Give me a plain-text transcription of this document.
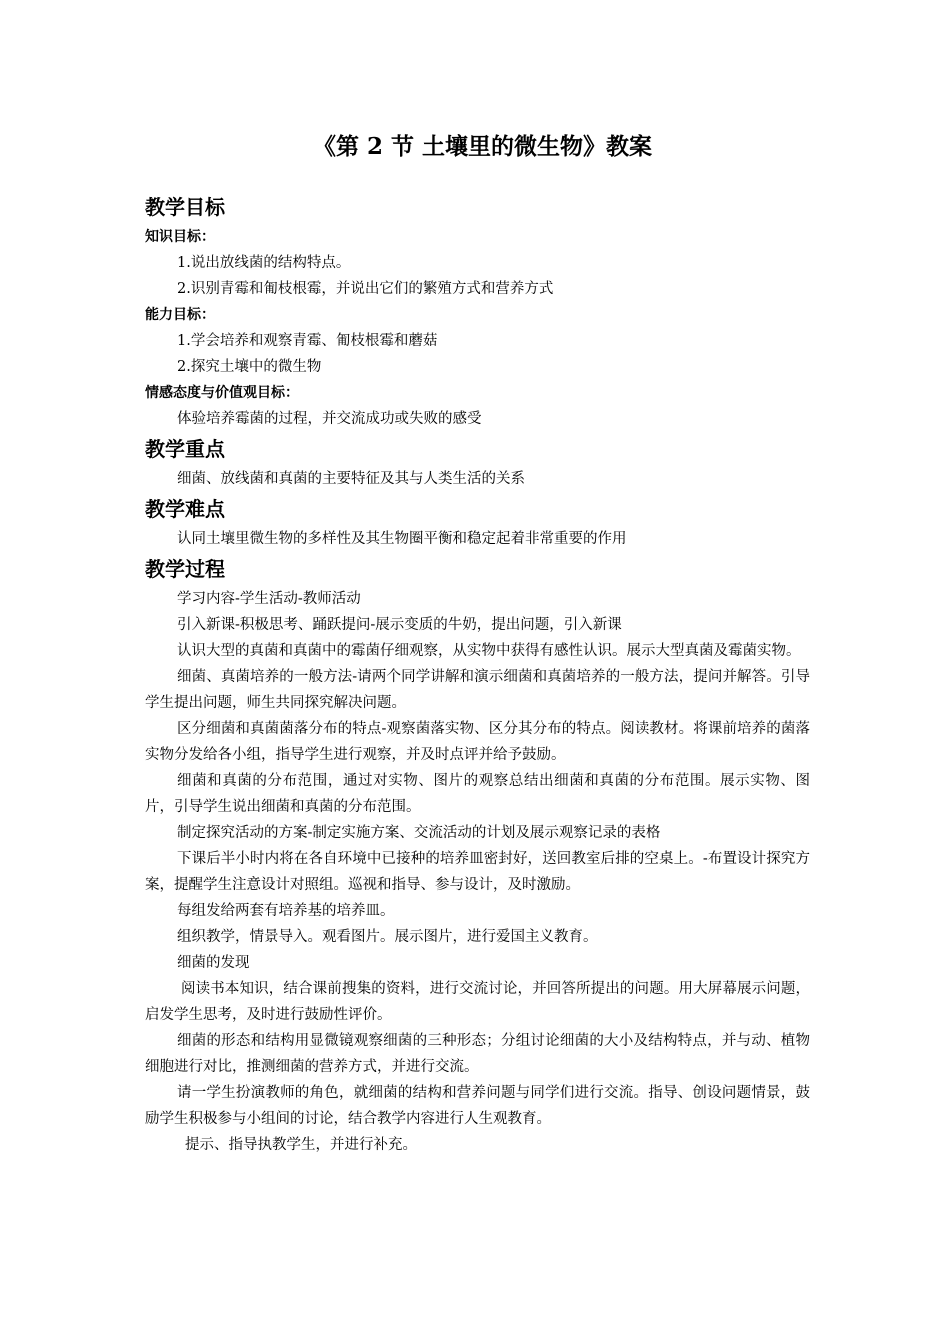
《第 2 节 土壤里的微生物》教案
教学目标
知识目标：
1.说出放线菌的结构特点。
2.识别青霉和匍枝根霉，并说出它们的繁殖方式和营养方式
能力目标：
1.学会培养和观察青霉、匍枝根霉和蘑菇
2.探究土壤中的微生物
情感态度与价值观目标：
体验培养霉菌的过程，并交流成功或失败的感受
教学重点
细菌、放线菌和真菌的主要特征及其与人类生活的关系
教学难点
认同土壤里微生物的多样性及其生物圈平衡和稳定起着非常重要的作用
教学过程
学习内容-学生活动-教师活动
引入新课-积极思考、踊跃提问-展示变质的牛奶，提出问题，引入新课
认识大型的真菌和真菌中的霉菌仔细观察，从实物中获得有感性认识。展示大型真菌及霉菌实物。
细菌、真菌培养的一般方法-请两个同学讲解和演示细菌和真菌培养的一般方法，提问并解答。引导学生提出问题，师生共同探究解决问题。
区分细菌和真菌菌落分布的特点-观察菌落实物、区分其分布的特点。阅读教材。将课前培养的菌落实物分发给各小组，指导学生进行观察，并及时点评并给予鼓励。
细菌和真菌的分布范围，通过对实物、图片的观察总结出细菌和真菌的分布范围。展示实物、图片，引导学生说出细菌和真菌的分布范围。
制定探究活动的方案-制定实施方案、交流活动的计划及展示观察记录的表格
下课后半小时内将在各自环境中已接种的培养皿密封好，送回教室后排的空桌上。-布置设计探究方案，提醒学生注意设计对照组。巡视和指导、参与设计，及时激励。
每组发给两套有培养基的培养皿。
组织教学，情景导入。观看图片。展示图片，进行爱国主义教育。
细菌的发现
阅读书本知识，结合课前搜集的资料，进行交流讨论，并回答所提出的问题。用大屏幕展示问题，启发学生思考，及时进行鼓励性评价。
细菌的形态和结构用显微镜观察细菌的三种形态；分组讨论细菌的大小及结构特点，并与动、植物细胞进行对比，推测细菌的营养方式，并进行交流。
请一学生扮演教师的角色，就细菌的结构和营养问题与同学们进行交流。指导、创设问题情景，鼓励学生积极参与小组间的讨论，结合教学内容进行人生观教育。
提示、指导执教学生，并进行补充。
